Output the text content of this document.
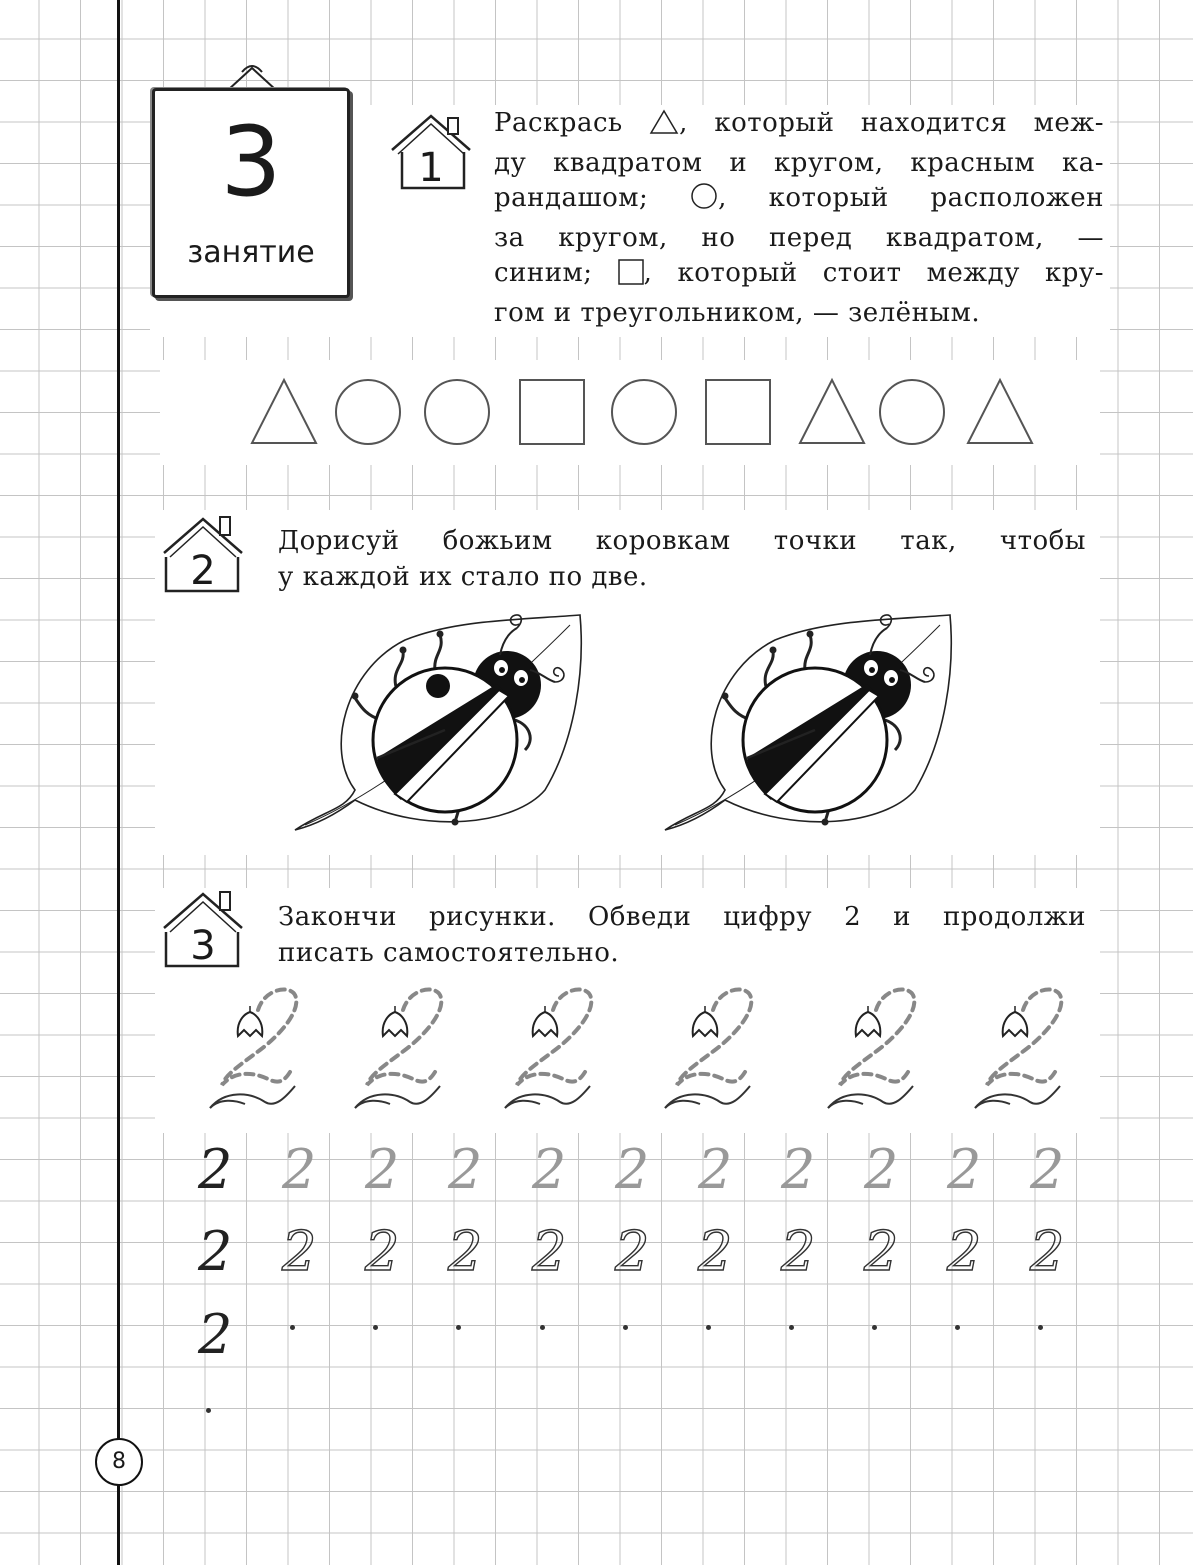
3
занятие
1
Раскрась , который находится меж-
ду квадратом и кругом, красным ка-
рандашом;	, который расположен
за кругом, но перед квадратом, —
синим; , который стоит между кру-
гом и треугольником, — зелёным.
2
Дорисуй божьим коровкам точки так, чтобы
у каждой их стало по две.
3
Закончи рисунки. Обведи цифру 2 и продолжи
писать самостоятельно.
2 2 2 2 2 2 2 2 2 2 2
2 2 2 2 2 2 2 2 2 2 2
2
8
